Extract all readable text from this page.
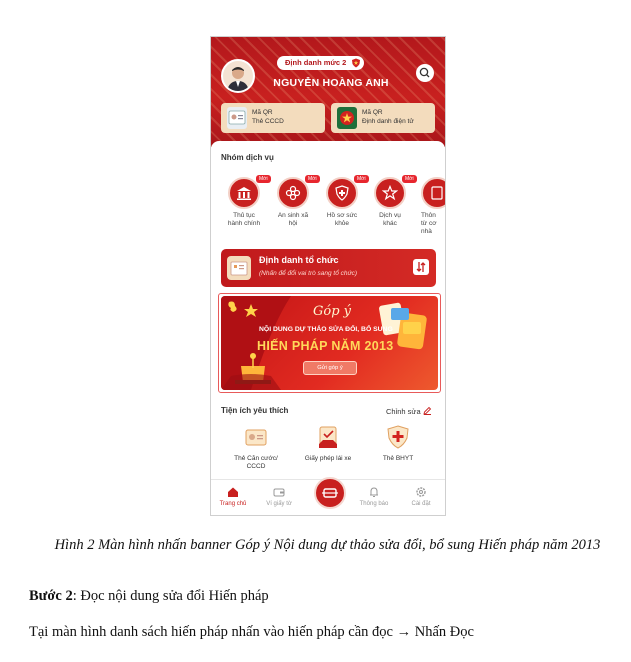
Định danh mức 2
NGUYỄN HOÀNG ANH
Mã QR
Thẻ CCCD
Mã QR
Định danh điện tử
Nhóm dịch vụ
Mới
Thủ tục
hành chính
Mới
An sinh xã
hội
Mới
Hồ sơ sức
khỏe
Mới
Dịch vụ
khác
Thôn
từ cơ
nhà
Định danh tổ chức
(Nhấn để đổi vai trò sang tổ chức)
Góp ý
NỘI DUNG DỰ THẢO SỬA ĐỔI, BỔ SUNG
HIẾN PHÁP NĂM 2013
Gửi góp ý
Tiện ích yêu thích	Chỉnh sửa
Thẻ Căn cước/
CCCD
Giấy phép lái xe	Thẻ BHYT
Trang chủ	Ví giấy tờ	Thông báo	Cài đặt
Hình 2 Màn hình nhấn banner Góp ý Nội dung dự thảo sửa đổi, bổ sung Hiến pháp năm 2013
Bước 2: Đọc nội dung sửa đổi Hiến pháp
Tại màn hình danh sách hiến pháp nhấn vào hiến pháp cần đọc → Nhấn Đọc
